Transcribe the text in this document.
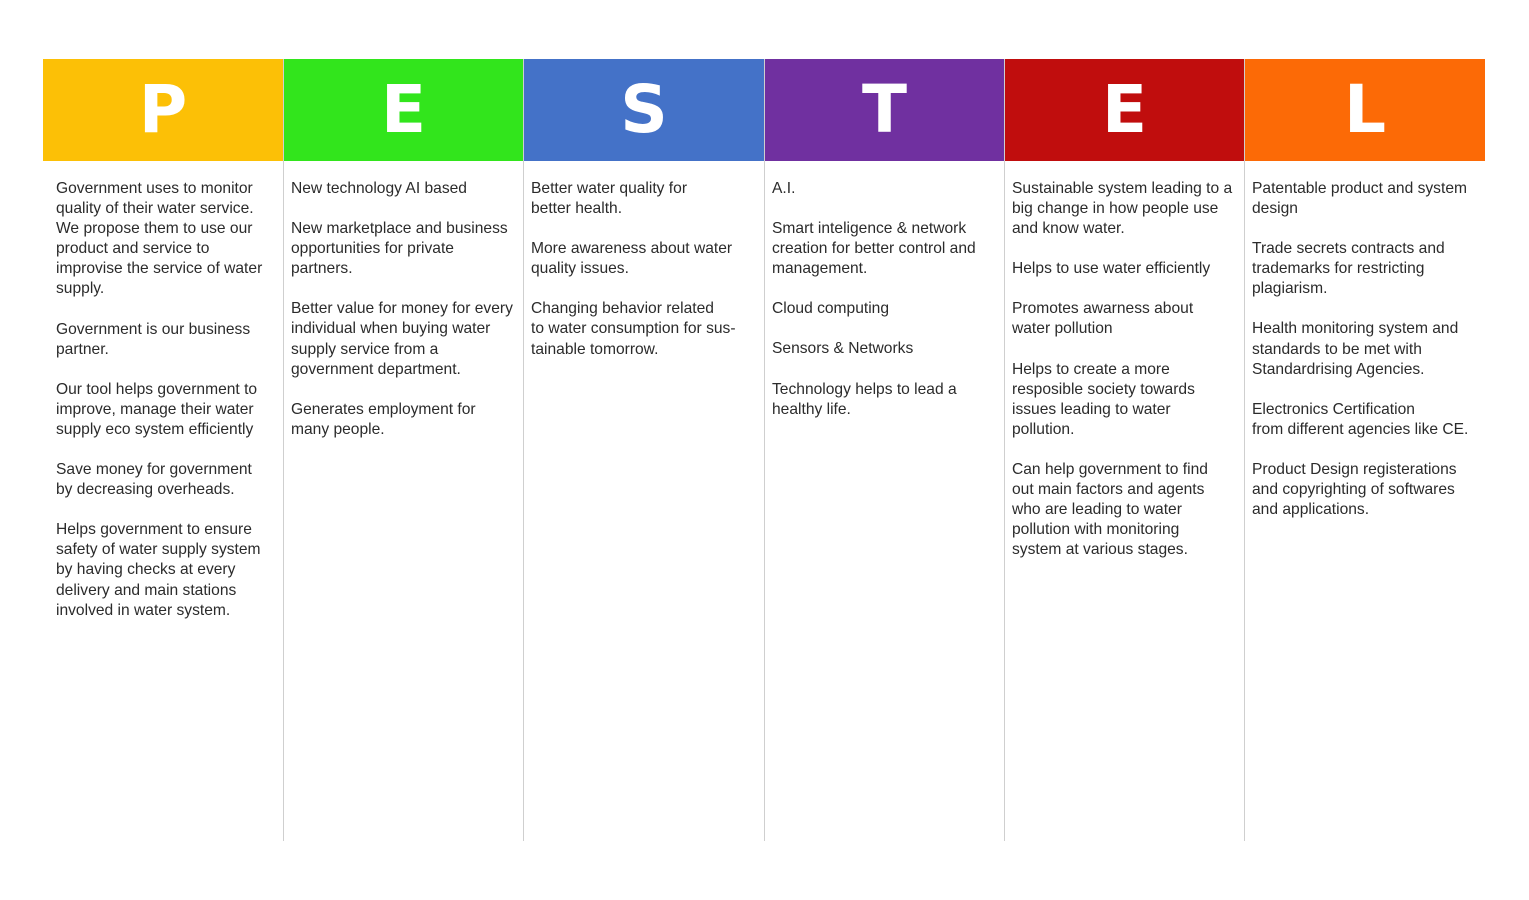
P

Government uses to monitor
quality of their water service.
We propose them to use our
product and service to
improvise the service of water
supply.

Government is our business
partner.

Our tool helps government to
improve, manage their water
supply eco system efficiently

Save money for government
by decreasing overheads.

Helps government to ensure
safety of water supply system
by having checks at every
delivery and main stations
involved in water system.

E

New technology AI based

New marketplace and business
opportunities for private
partners.

Better value for money for every
individual when buying water
supply service from a
government department.

Generates employment for
many people.

S

Better water quality for
better health.

More awareness about water
quality issues.

Changing behavior related
to water consumption for sus-
tainable tomorrow.

T

A.I.

Smart inteligence & network
creation for better control and
management.

Cloud computing

Sensors & Networks

Technology helps to lead a
healthy life.

E

Sustainable system leading to a
big change in how people use
and know water.

Helps to use water efficiently

Promotes awarness about
water pollution

Helps to create a more
resposible society towards
issues leading to water
pollution.

Can help government to find
out main factors and agents
who are leading to water
pollution with monitoring
system at various stages.

L

Patentable product and system
design

Trade secrets contracts and
trademarks for restricting
plagiarism.

Health monitoring system and
standards to be met with
Standardrising Agencies.

Electronics Certification
from different agencies like CE.

Product Design registerations
and copyrighting of softwares
and applications.
